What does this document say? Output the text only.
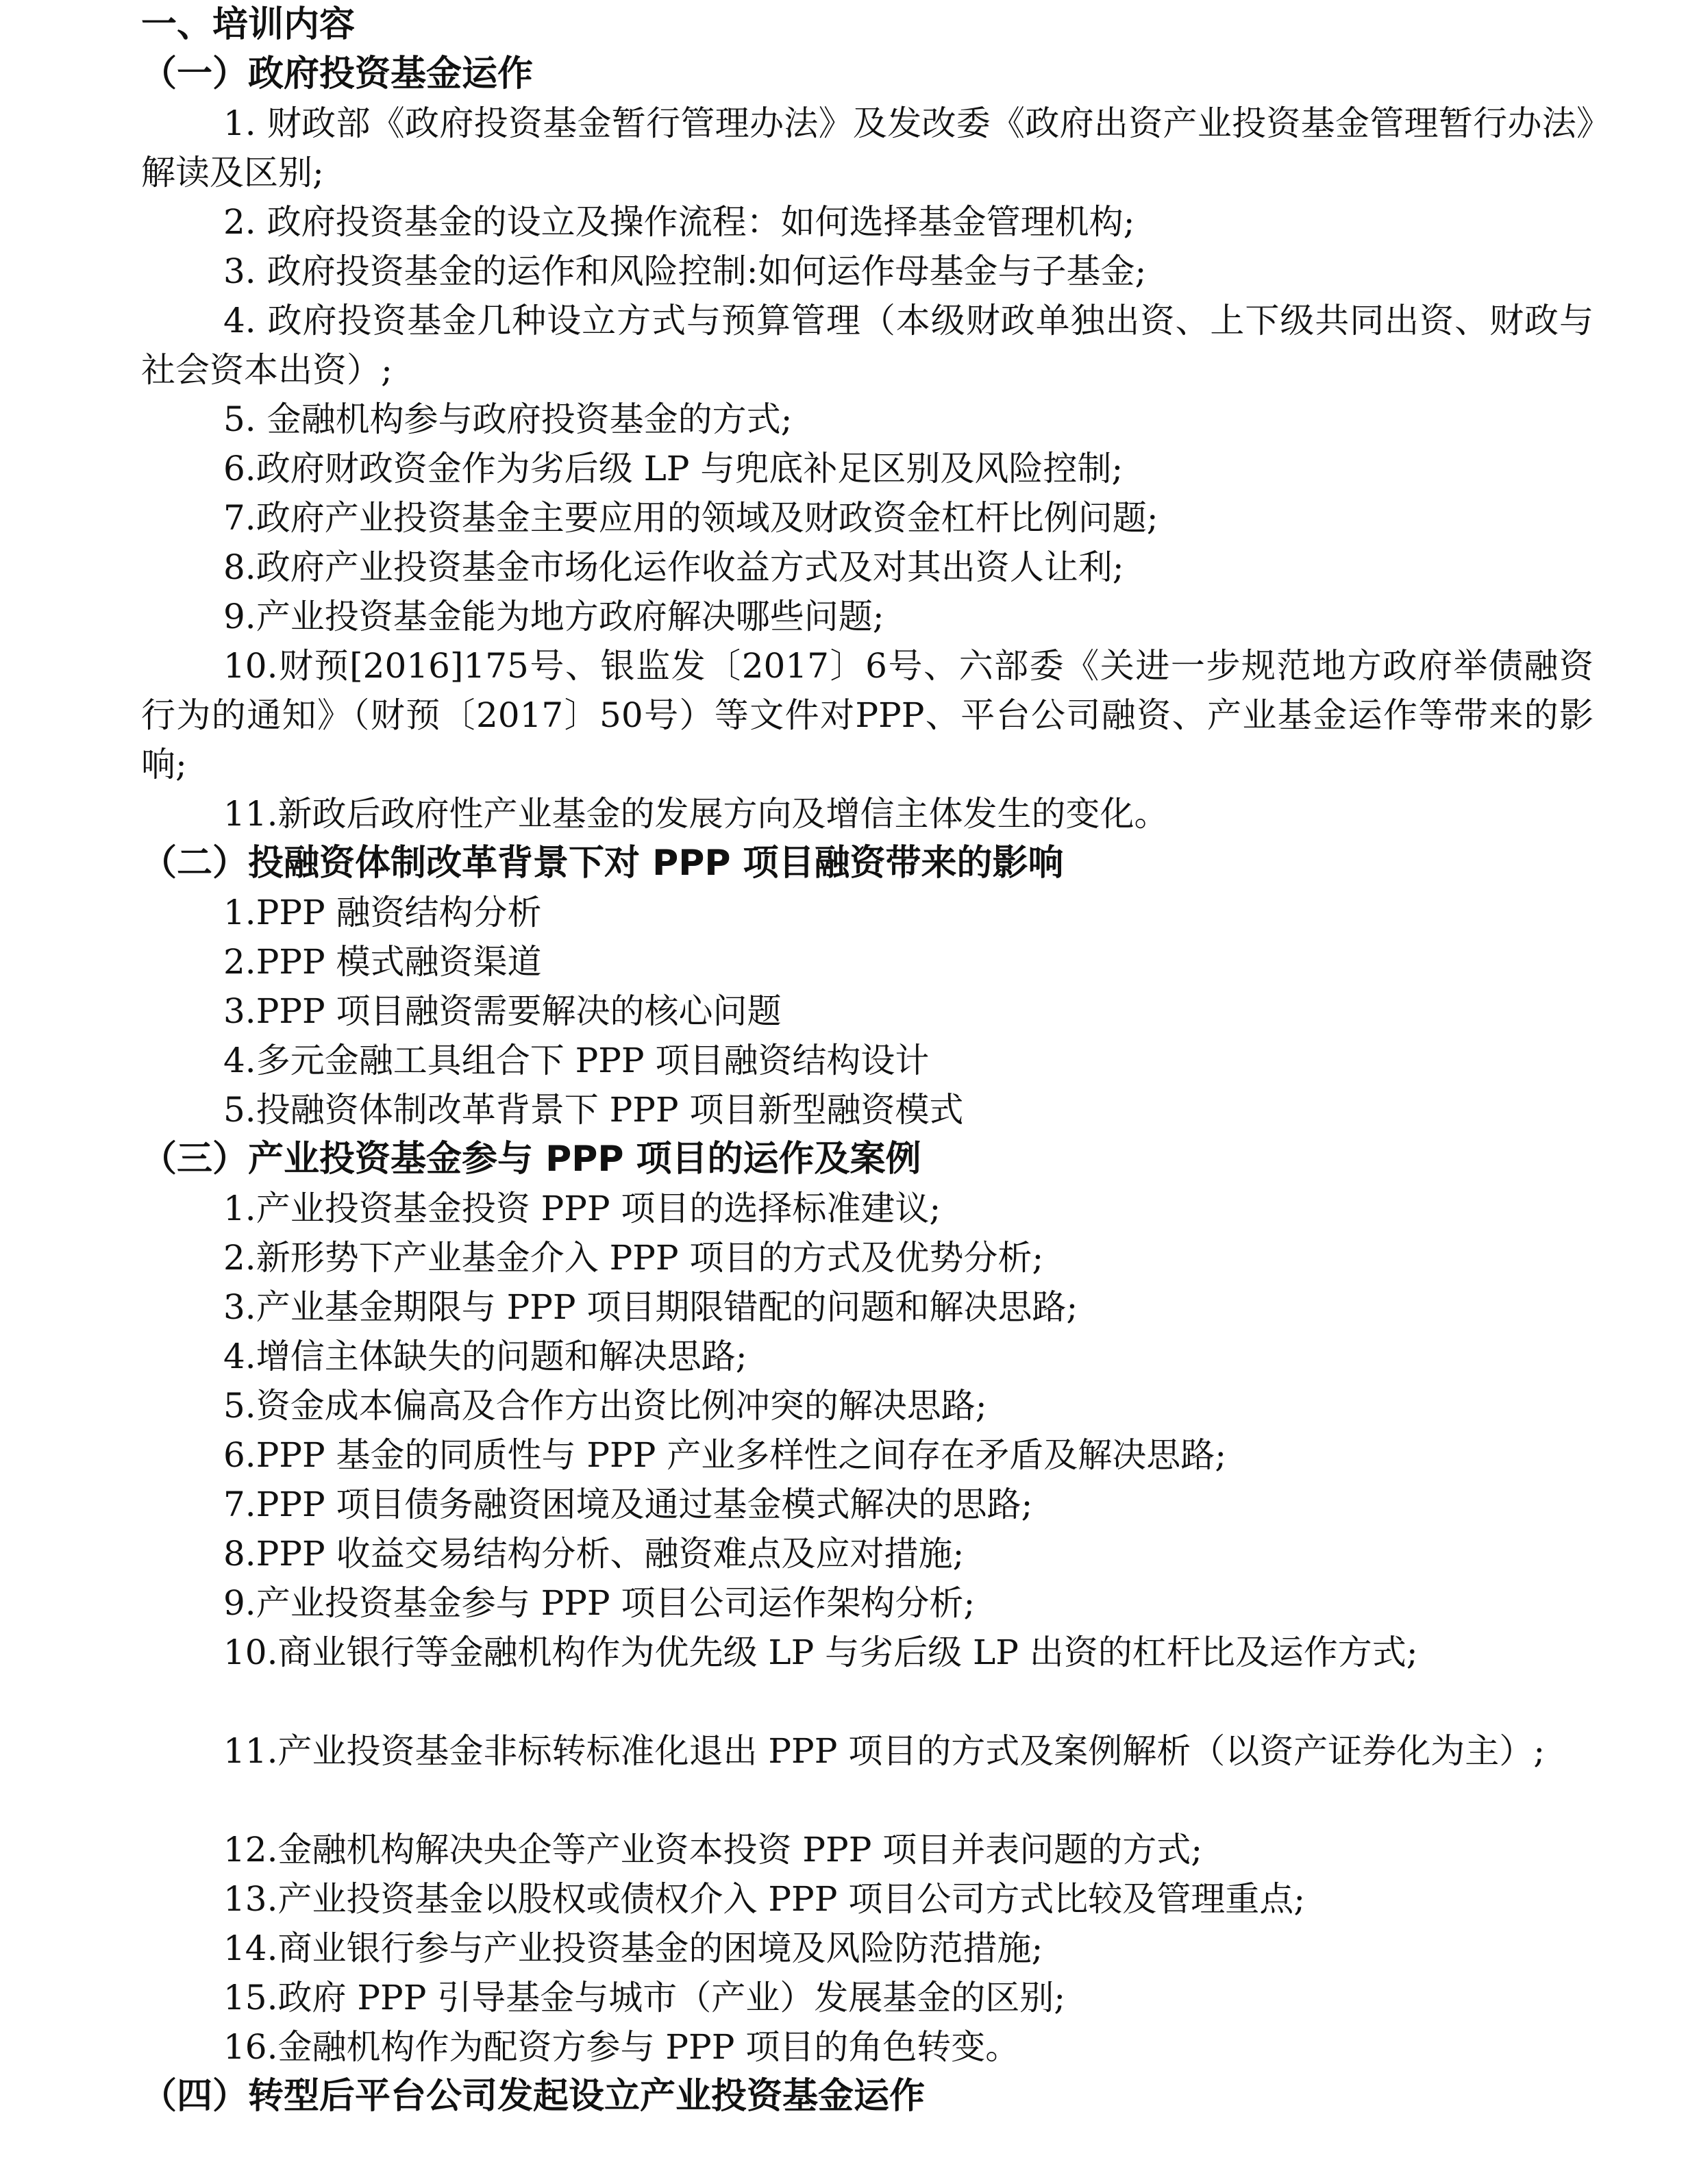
一、培训内容
（一）政府投资基金运作
1. 财政部《政府投资基金暂行管理办法》及发改委《政府出资产业投资基金管理暂行办法》解读及区别;
2. 政府投资基金的设立及操作流程：如何选择基金管理机构;
3. 政府投资基金的运作和风险控制:如何运作母基金与子基金;
4. 政府投资基金几种设立方式与预算管理（本级财政单独出资、上下级共同出资、财政与社会资本出资）;
5. 金融机构参与政府投资基金的方式;
6.政府财政资金作为劣后级 LP 与兜底补足区别及风险控制;
7.政府产业投资基金主要应用的领域及财政资金杠杆比例问题;
8.政府产业投资基金市场化运作收益方式及对其出资人让利;
9.产业投资基金能为地方政府解决哪些问题;
10.财预[2016]175号、银监发〔2017〕6号、六部委《关进一步规范地方政府举债融资行为的通知》（财预〔2017〕50号）等文件对PPP、平台公司融资、产业基金运作等带来的影响;
11.新政后政府性产业基金的发展方向及增信主体发生的变化。
（二）投融资体制改革背景下对 PPP 项目融资带来的影响
1.PPP 融资结构分析
2.PPP 模式融资渠道
3.PPP 项目融资需要解决的核心问题
4.多元金融工具组合下 PPP 项目融资结构设计
5.投融资体制改革背景下 PPP 项目新型融资模式
（三）产业投资基金参与 PPP 项目的运作及案例
1.产业投资基金投资 PPP 项目的选择标准建议;
2.新形势下产业基金介入 PPP 项目的方式及优势分析;
3.产业基金期限与 PPP 项目期限错配的问题和解决思路;
4.增信主体缺失的问题和解决思路;
5.资金成本偏高及合作方出资比例冲突的解决思路;
6.PPP 基金的同质性与 PPP 产业多样性之间存在矛盾及解决思路;
7.PPP 项目债务融资困境及通过基金模式解决的思路;
8.PPP 收益交易结构分析、融资难点及应对措施;
9.产业投资基金参与 PPP 项目公司运作架构分析;
10.商业银行等金融机构作为优先级 LP 与劣后级 LP 出资的杠杆比及运作方式;
11.产业投资基金非标转标准化退出 PPP 项目的方式及案例解析（以资产证券化为主）;
12.金融机构解决央企等产业资本投资 PPP 项目并表问题的方式;
13.产业投资基金以股权或债权介入 PPP 项目公司方式比较及管理重点;
14.商业银行参与产业投资基金的困境及风险防范措施;
15.政府 PPP 引导基金与城市（产业）发展基金的区别;
16.金融机构作为配资方参与 PPP 项目的角色转变。
（四）转型后平台公司发起设立产业投资基金运作
